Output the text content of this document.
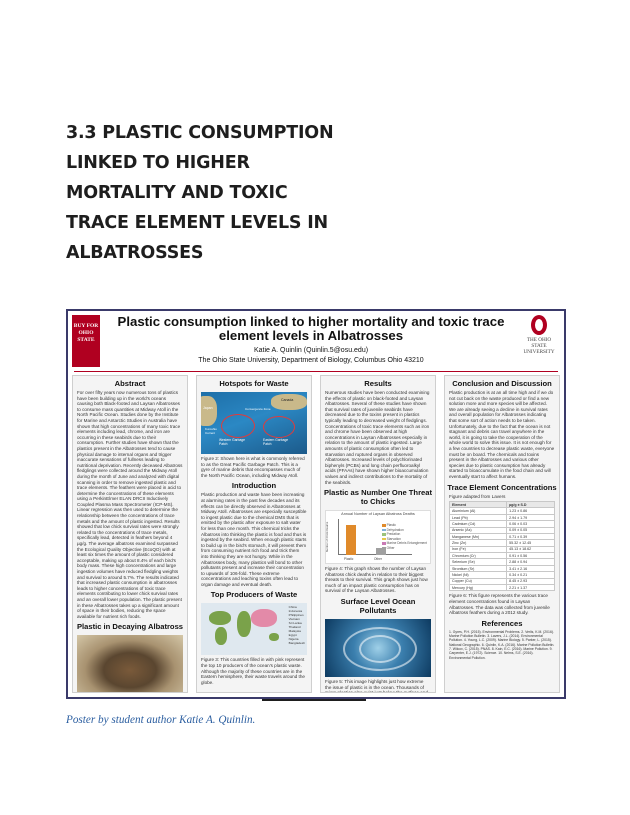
3.3 PLASTIC CONSUMPTION
LINKED TO HIGHER
MORTALITY AND TOXIC
TRACE ELEMENT LEVELS IN
ALBATROSSES
BUY FOR OHIO STATE
Plastic consumption linked to higher mortality and toxic trace element levels in Albatrosses
Katie A. Quinlin (Quinlin.5@osu.edu)
The Ohio State University, Department of Biology, Columbus Ohio 43210
THE OHIO STATE UNIVERSITY
Abstract
For over fifty years now numerous tons of plastics have been building up in the world's oceans causing both Black-footed and Laysan Albatrosses to consume mass quantities at Midway Atoll in the North Pacific Ocean. Studies done by the Institute for Marine and Antarctic Studies in Australia have shown that high concentrations of many toxic trace elements including lead, chrome, and iron are occurring in these seabirds due to their consumption. Further studies have shown that the plastics present in the Albatrosses tend to cause physical damage to internal organs and trigger inaccurate sensations of fullness leading to nutritional deprivation. Recently deceased Albatross fledglings were collected around the Midway Atoll during the month of June and analyzed with digital scanning in order to remove ingested plastic and trace elements. The feathers were placed in acid to determine the concentrations of these elements using a PerkinElmer ELAN DRCII Inductively Coupled Plasma Mass Spectrometer (ICP-MS). Linear regression was then used to determine the relationship between the concentrations of trace metals and the amount of plastic ingested. Results showed that low chick survival rates were strongly related to the concentrations of trace metals, specifically lead, detected in feathers beyond 4 µg/g. The average albatross examined surpassed the Ecological Quality Objective (EcoQO) with at least six times the amount of plastic considered acceptable, making up about 8.4% of each bird's body mass. These high concentrations and large ingestion volumes have reduced fledgling weights and survival to around 5.7%. The results indicated that increased plastic consumption in albatrosses leads to higher concentrations of toxic trace elements contributing to lower chick survival rates and an overall lower population. The plastic present in these Albatrosses takes up a significant amount of space in their bodies, reducing the space available for nutrient rich foods.
Plastic in Decaying Albatross
Hotspots for Waste
Canada
Japan
Eastern Garbage Patch
Western Garbage Patch
Kuroshio Current
Convergence Zone
Figure 2: Shown here is what is commonly referred to as the Great Pacific Garbage Patch. This is a gyre of marine debris that encompasses much of the North Pacific Ocean, including Midway Atoll.
Introduction
Plastic production and waste have been increasing at alarming rates in the past few decades and its effects can be directly observed in Albatrosses at Midway Atoll. Albatrosses are especially susceptible to ingest plastic due to the chemical DMS that is emitted by the plastic after exposure to salt water for less than one month. This chemical tricks the Albatross into thinking the plastic is food and thus is ingested by the seabird. When enough plastic starts to build up in the bird's stomach, it will prevent them from consuming nutrient rich food and trick them into thinking they are not hungry. While in the Albatrosses body, many plastics will bond to other pollutants present and increase their concentration to upwards of 106-fold. These extreme concentrations and leaching toxins often lead to organ damage and eventual death.
Top Producers of Waste
China
Indonesia
Philippines
Vietnam
Sri Lanka
Thailand
Malaysia
Egypt
Nigeria
Bangladesh
Figure 3: This countries filled in with pink represent the top 10 producers of the ocean's plastic waste. Although the majority of these countries are in the Eastern hemisphere, their waste travels around the globe.
Results
Numerous studies have been conducted examining the effects of plastic on black-footed and Laysan Albatrosses. Several of these studies have shown that survival rates of juvenile seabirds have decreased due to the toxins present in plastics typically leading to decreased weight of fledglings. Concentrations of toxic trace elements such as iron and chrome have been observed at high concentrations in Laysan Albatrosses especially in relation to the amount of plastic ingested. Large amounts of plastic consumption often led to starvation and ruptured organs in observed Albatrosses. Increased levels of polychlorinated biphenyls (PCBs) and long chain perfluoroalkyl acids (PFAAs) have shown higher bioaccumulation values and indirect contributions to the mortality of the seabirds.
Plastic as Number One Threat to Chicks
Annual Number of Laysan Albatross Deaths
Plastic
Dehydration
Predation
Starvation
Marine Debris Entanglement
Other
Plastic	Other
Number of Chick Deaths
Figure 4: This graph shows the number of Laysan Albatross chick deaths in relation to their biggest threats to their survival. This graph shows just how much of an impact plastic consumption has on survival of the Laysan Albatrosses.
Surface Level Ocean Pollutants
Figure 5: This image highlights just how extreme the issue of plastic is in the ocean. Thousands of micro plastics also exist just below the surface and
Conclusion and Discussion
Plastic production is at an all time high and if we do not cut back on the waste produced or find a new solution more and more species will be affected. We are already seeing a decline in survival rates and overall population for Albatrosses indicating that some sort of action needs to be taken. Unfortunately, due to the fact that the ocean is not stagnant and debris can travel anywhere in the world, it is going to take the cooperation of the whole world to solve this issue. It is not enough for a few countries to decrease plastic waste, everyone must be on board. The chemicals and toxins present in the Albatrosses and various other species due to plastic consumption has already started to bioaccumulate in the food chain and will eventually start to affect humans.
Trace Element Concentrations
Figure adapted from Lavers
Element	µg/g ± S.D
Aluminium (Al)	1.23 ± 0.86
Lead (Pb)	2.94 ± 1.79
Cadmium (Cd)	0.06 ± 0.03
Arsenic (As)	0.09 ± 0.05
Manganese (Mn)	0.71 ± 0.39
Zinc (Zn)	55.32 ± 12.45
Iron (Fe)	45.13 ± 18.62
Chromium (Cr)	0.91 ± 0.56
Selenium (Se)	2.88 ± 0.94
Strontium (Sr)	3.41 ± 2.16
Nickel (Ni)	0.34 ± 0.21
Copper (Cu)	8.45 ± 2.93
Mercury (Hg)	2.21 ± 1.37
Figure 6: This figure represents the various trace element concentrations found in Laysan Albatrosses. The data was collected from juvenile Albatross feathers during a 2012 study.
References
1. Gyres, P.H. (2015). Environmental Problems. 2. Verlis, K.M. (2016). Marine Pollution Bulletin. 3. Lavers, J.L. (2014). Environmental Pollution. 4. Young, L.C. (2009). Marine Biology. 5. Parker, L. (2015). National Geographic. 6. Quinlin, K.A. (2016). Marine Pollution Bulletin. 7. Wilcox, C. (2015). PNAS. 8. Kain, E.C. (2016). Marine Pollution. 9. Carpenter, E.J. (1972). Science. 10. Nelms, S.E. (2016). Environmental Pollution.
Poster by student author Katie A. Quinlin.
